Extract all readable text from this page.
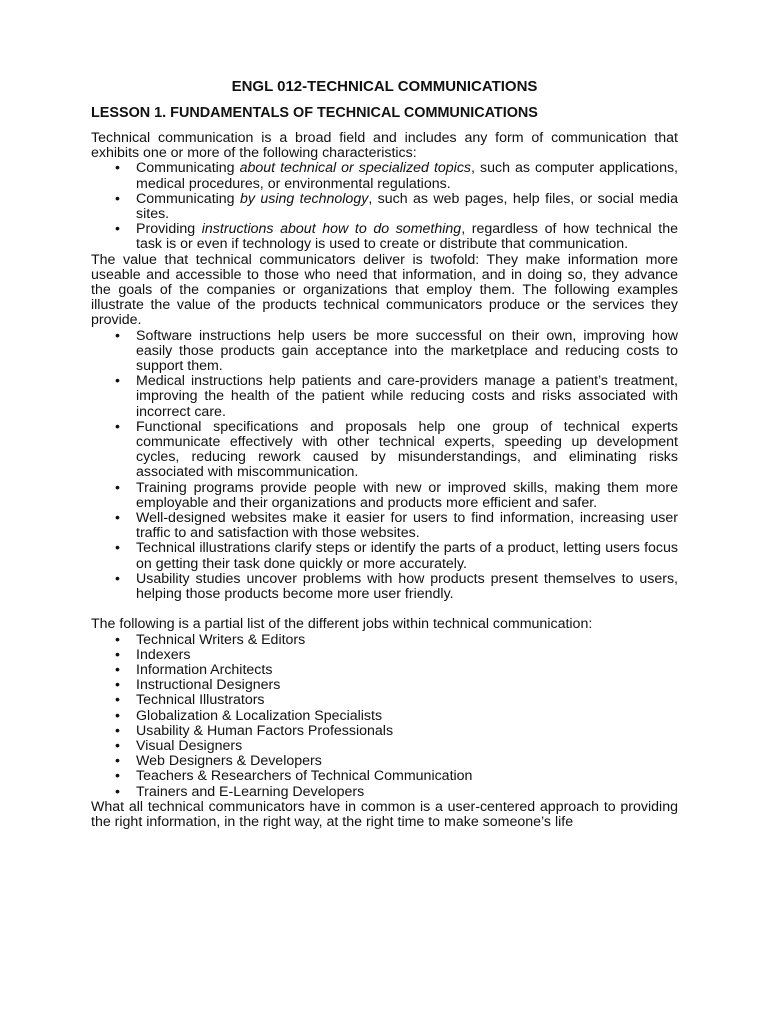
ENGL 012-TECHNICAL COMMUNICATIONS
LESSON 1. FUNDAMENTALS OF TECHNICAL COMMUNICATIONS

Technical communication is a broad field and includes any form of communication that exhibits one or more of the following characteristics:

• Communicating about technical or specialized topics, such as computer applications, medical procedures, or environmental regulations.
• Communicating by using technology, such as web pages, help files, or social media sites.
• Providing instructions about how to do something, regardless of how technical the task is or even if technology is used to create or distribute that communication.

The value that technical communicators deliver is twofold: They make information more useable and accessible to those who need that information, and in doing so, they advance the goals of the companies or organizations that employ them. The following examples illustrate the value of the products technical communicators produce or the services they provide.

• Software instructions help users be more successful on their own, improving how easily those products gain acceptance into the marketplace and reducing costs to support them.
• Medical instructions help patients and care-providers manage a patient’s treatment, improving the health of the patient while reducing costs and risks associated with incorrect care.
• Functional specifications and proposals help one group of technical experts communicate effectively with other technical experts, speeding up development cycles, reducing rework caused by misunderstandings, and eliminating risks associated with miscommunication.
• Training programs provide people with new or improved skills, making them more employable and their organizations and products more efficient and safer.
• Well-designed websites make it easier for users to find information, increasing user traffic to and satisfaction with those websites.
• Technical illustrations clarify steps or identify the parts of a product, letting users focus on getting their task done quickly or more accurately.
• Usability studies uncover problems with how products present themselves to users, helping those products become more user friendly.

The following is a partial list of the different jobs within technical communication:

• Technical Writers & Editors
• Indexers
• Information Architects
• Instructional Designers
• Technical Illustrators
• Globalization & Localization Specialists
• Usability & Human Factors Professionals
• Visual Designers
• Web Designers & Developers
• Teachers & Researchers of Technical Communication
• Trainers and E-Learning Developers

What all technical communicators have in common is a user-centered approach to providing the right information, in the right way, at the right time to make someone’s life
